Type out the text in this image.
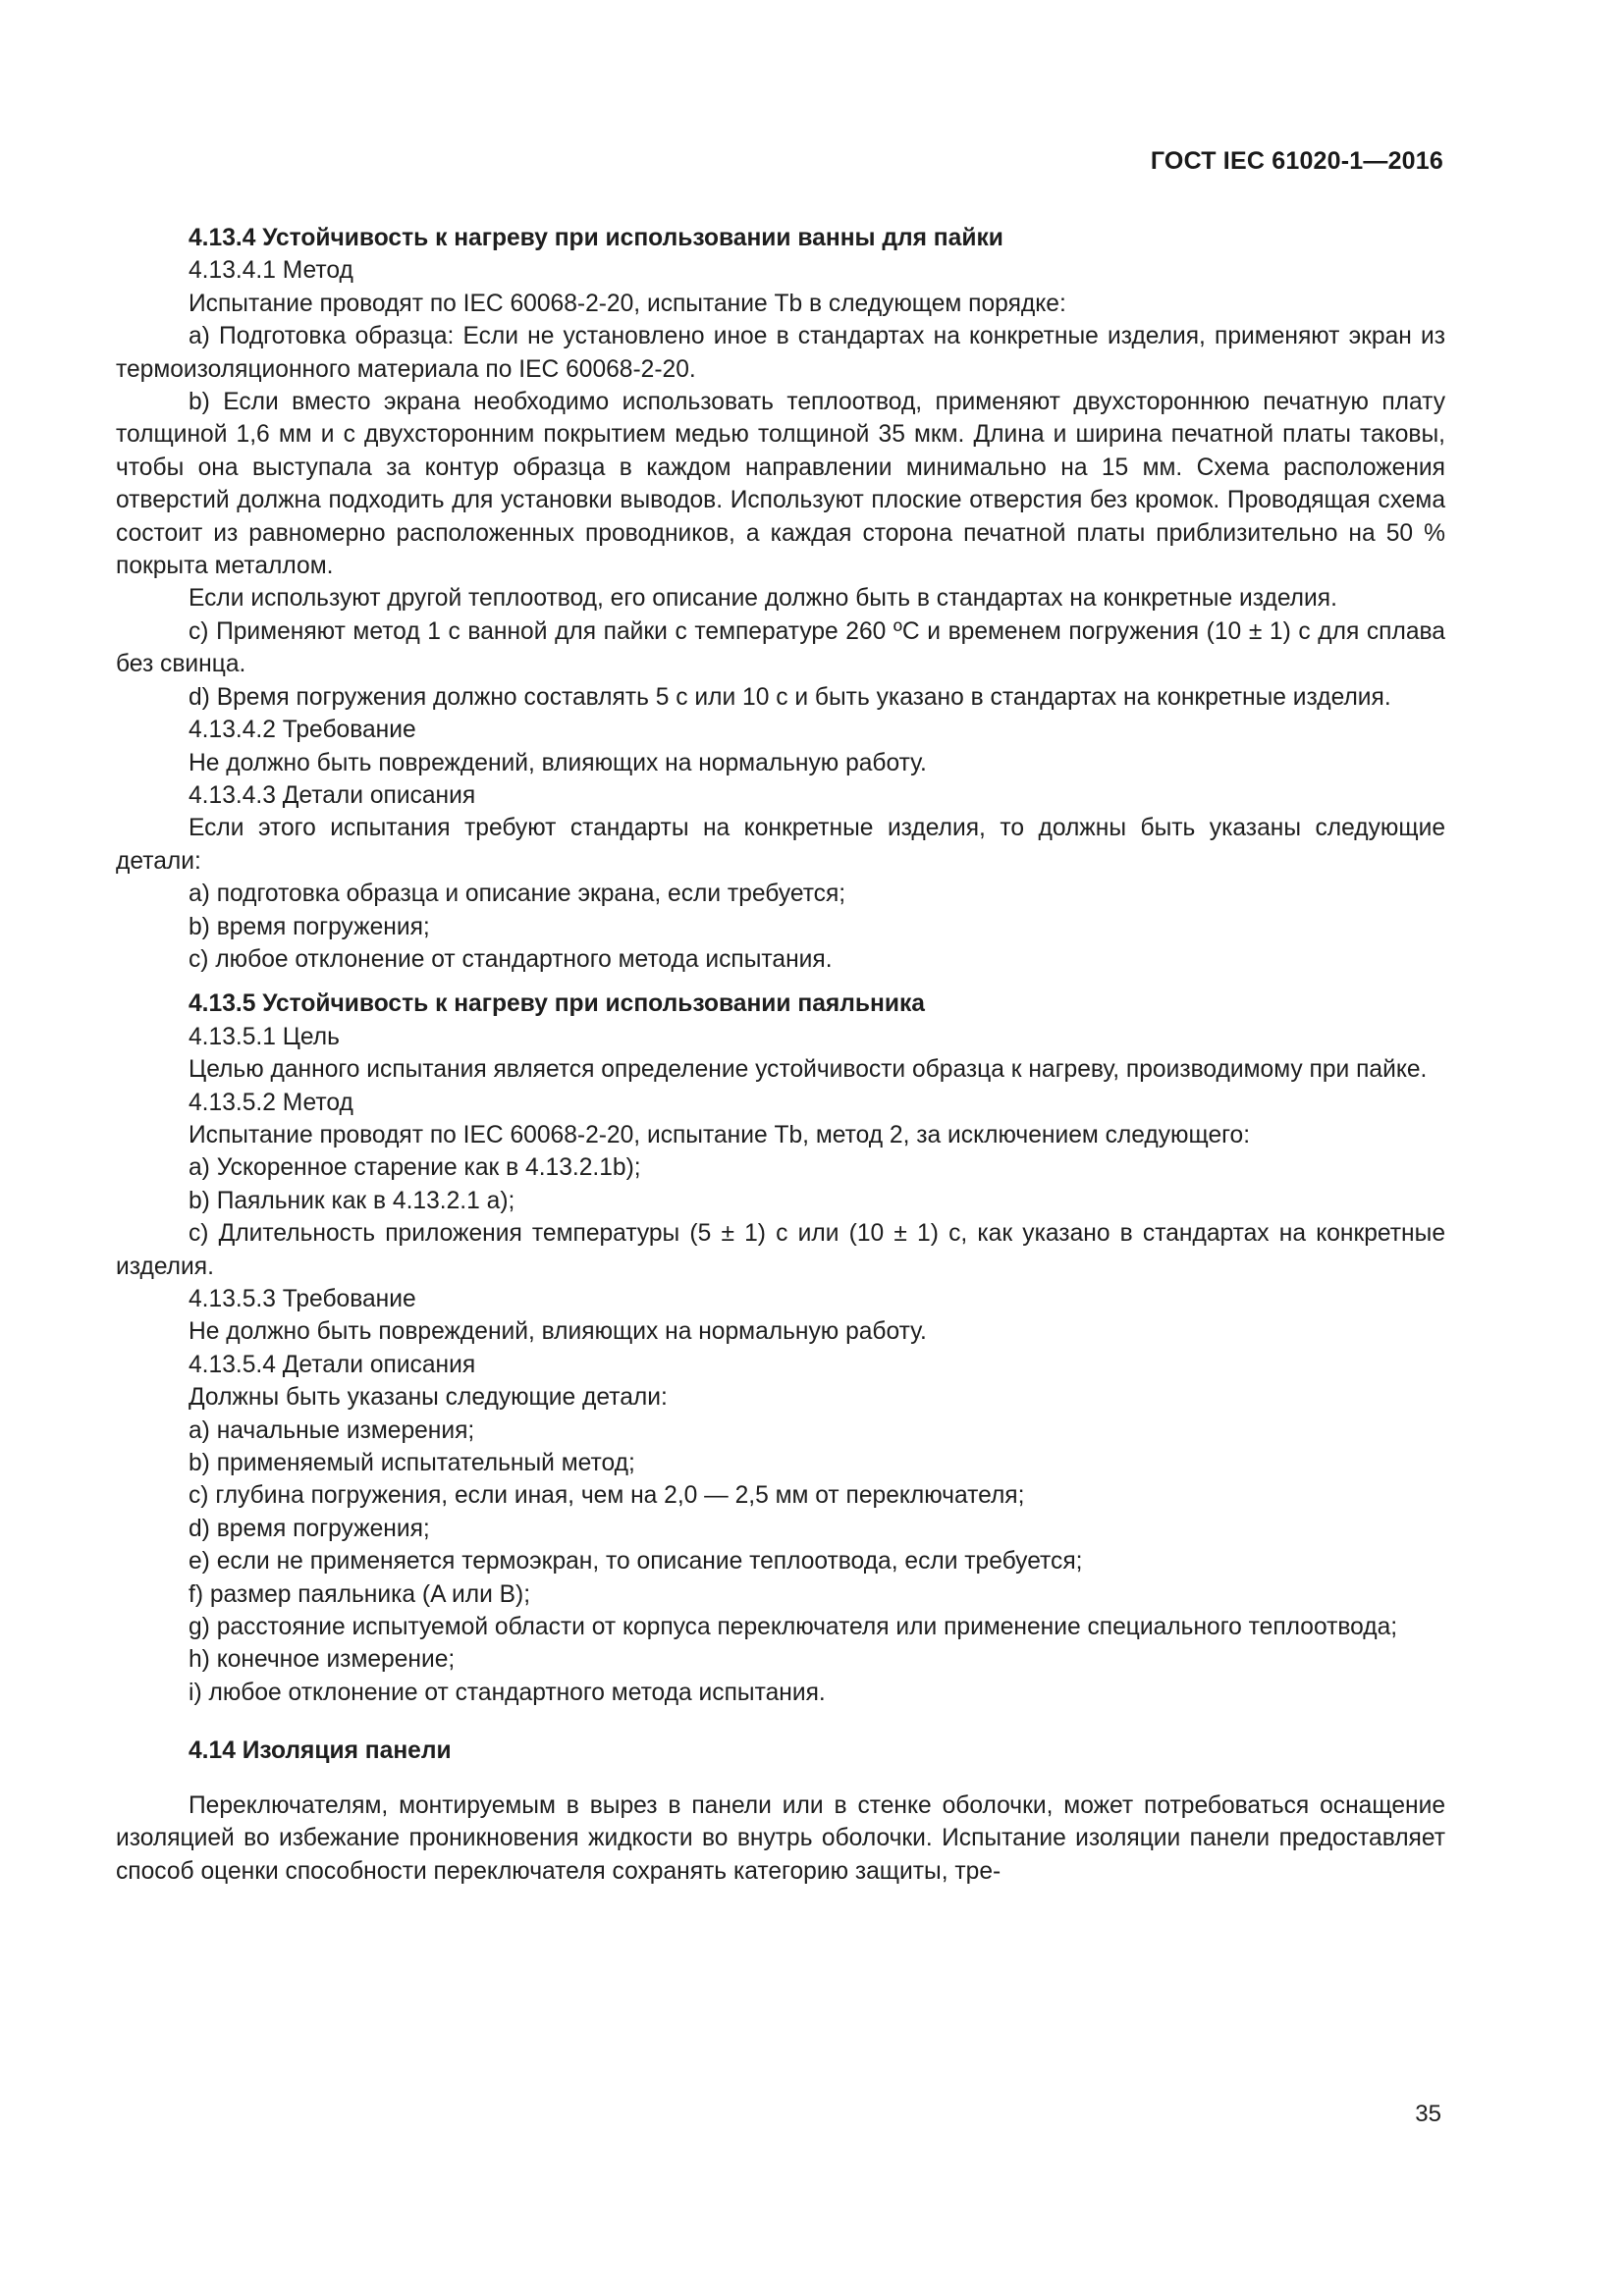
ГОСТ IEC 61020-1—2016
4.13.4 Устойчивость к нагреву при использовании ванны для пайки

4.13.4.1 Метод

Испытание проводят по IEC 60068-2-20, испытание Tb в следующем порядке:

a) Подготовка образца: Если не установлено иное в стандартах на конкретные изделия, применяют экран из термоизоляционного материала по IEC 60068-2-20.

b) Если вместо экрана необходимо использовать теплоотвод, применяют двухстороннюю печатную плату толщиной 1,6 мм и с двухсторонним покрытием медью толщиной 35 мкм. Длина и ширина печатной платы таковы, чтобы она выступала за контур образца в каждом направлении минимально на 15 мм. Схема расположения отверстий должна подходить для установки выводов. Используют плоские отверстия без кромок. Проводящая схема состоит из равномерно расположенных проводников, а каждая сторона печатной платы приблизительно на 50 % покрыта металлом.

Если используют другой теплоотвод, его описание должно быть в стандартах на конкретные изделия.

c) Применяют метод 1 с ванной для пайки с температуре 260 ºC и временем погружения (10 ± 1) с для сплава без свинца.

d) Время погружения должно составлять 5 с или 10 с и быть указано в стандартах на конкретные изделия.

4.13.4.2 Требование

Не должно быть повреждений, влияющих на нормальную работу.

4.13.4.3 Детали описания

Если этого испытания требуют стандарты на конкретные изделия, то должны быть указаны следующие детали:

a) подготовка образца и описание экрана, если требуется;

b) время погружения;

c) любое отклонение от стандартного метода испытания.

4.13.5 Устойчивость к нагреву при использовании паяльника

4.13.5.1 Цель

Целью данного испытания является определение устойчивости образца к нагреву, производимому при пайке.

4.13.5.2 Метод

Испытание проводят по IEC 60068-2-20, испытание Tb, метод 2, за исключением следующего:

a) Ускоренное старение как в 4.13.2.1b);

b) Паяльник как в 4.13.2.1 a);

c) Длительность приложения температуры (5 ± 1) с или (10 ± 1) с, как указано в стандартах на конкретные изделия.

4.13.5.3 Требование

Не должно быть повреждений, влияющих на нормальную работу.

4.13.5.4 Детали описания

Должны быть указаны следующие детали:

a) начальные измерения;

b) применяемый испытательный метод;

c) глубина погружения, если иная, чем на 2,0 — 2,5 мм от переключателя;

d) время погружения;

e) если не применяется термоэкран, то описание теплоотвода, если требуется;

f) размер паяльника (A или B);

g) расстояние испытуемой области от корпуса переключателя или применение специального теплоотвода;

h) конечное измерение;

i) любое отклонение от стандартного метода испытания.

4.14 Изоляция панели

Переключателям, монтируемым в вырез в панели или в стенке оболочки, может потребоваться оснащение изоляцией во избежание проникновения жидкости во внутрь оболочки. Испытание изоляции панели предоставляет способ оценки способности переключателя сохранять категорию защиты, тре-

35
